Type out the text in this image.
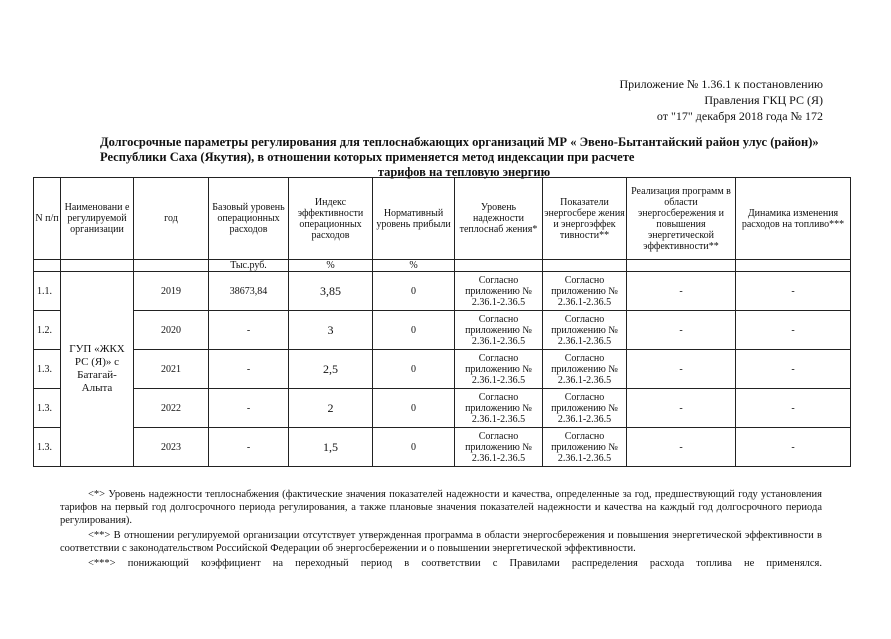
Приложение № 1.36.1 к постановлению
Правления ГКЦ РС (Я)
от "17" декабря 2018 года № 172
Долгосрочные параметры регулирования для теплоснабжающих организаций МР « Эвено-Бытантайский район улус (район)» Республики Саха (Якутия), в отношении которых применяется метод индексации при расчете
тарифов на тепловую энергию
N п/п	Наименовани е регулируемой организации	год	Базовый уровень операционных расходов	Индекс эффективности операционных расходов	Нормативный уровень прибыли	Уровень надежности теплоснаб жения*	Показатели энергосбере жения и энергоэффек тивности**	Реализация программ в области энергосбережения и повышения энергетической эффективности**	Динамика изменения расходов на топливо***
			Тыс.руб.	%	%				
1.1.	ГУП «ЖКХ РС (Я)» с Батагай-Алыта	2019	38673,84	3,85	0	Согласно приложению № 2.36.1-2.36.5	Согласно приложению № 2.36.1-2.36.5	-	-
1.2.		2020	-	3	0	Согласно приложению № 2.36.1-2.36.5	Согласно приложению № 2.36.1-2.36.5	-	-
1.3.		2021	-	2,5	0	Согласно приложению № 2.36.1-2.36.5	Согласно приложению № 2.36.1-2.36.5	-	-
1.3.		2022	-	2	0	Согласно приложению № 2.36.1-2.36.5	Согласно приложению № 2.36.1-2.36.5	-	-
1.3.		2023	-	1,5	0	Согласно приложению № 2.36.1-2.36.5	Согласно приложению № 2.36.1-2.36.5	-	-

<*> Уровень надежности теплоснабжения (фактические значения показателей надежности и качества, определенные за год, предшествующий году установления тарифов на первый год долгосрочного периода регулирования, а также плановые значения показателей надежности и качества на каждый год долгосрочного периода регулирования).

<**> В отношении регулируемой организации отсутствует утвержденная программа в области энергосбережения и повышения энергетической эффективности в соответствии с законодательством Российской Федерации об энергосбережении и о повышении энергетической эффективности.

<***> понижающий коэффициент на переходный период в соответствии с Правилами распределения расхода топлива не применялся.
